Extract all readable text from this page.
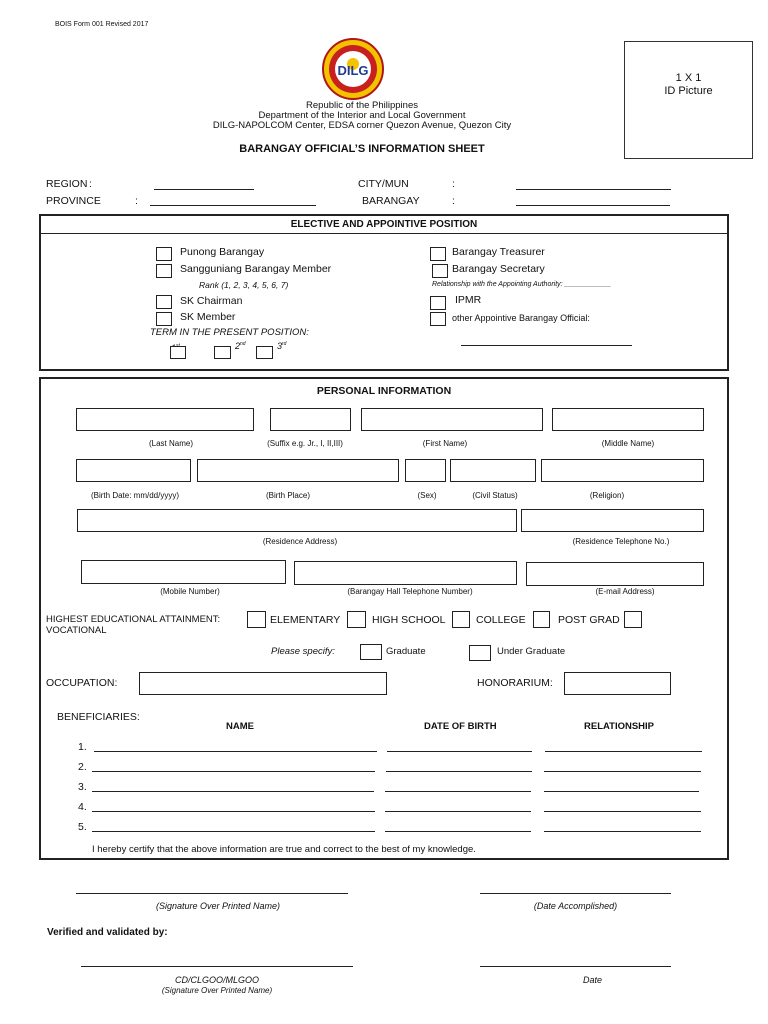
BOIS Form 001 Revised 2017
DILG	1 X 1
ID Picture
Republic of the Philippines
Department of the Interior and Local Government
DILG-NAPOLCOM Center, EDSA corner Quezon Avenue, Quezon City
BARANGAY OFFICIAL’S INFORMATION SHEET
REGION :	CITY/MUN	:
PROVINCE	:	BARANGAY	:
ELECTIVE AND APPOINTIVE POSITION
Punong Barangay
Sangguniang Barangay Member
Rank (1, 2, 3, 4, 5, 6, 7)
SK Chairman
SK Member
TERM IN THE PRESENT POSITION:
2nd	3rd
Barangay Treasurer
Barangay Secretary
Relationship with the Appointing Authority: ____________
IPMR
other Appointive Barangay Official:
PERSONAL INFORMATION
(Last Name)	(Suffix e.g. Jr., I, II,III)	(First Name)	(Middle Name)
(Birth Date: mm/dd/yyyy)	(Birth Place)	(Sex)	(Civil Status)	(Religion)
(Residence Address)	(Residence Telephone No.)
(Mobile Number)	(Barangay Hall Telephone Number)	(E-mail Address)
HIGHEST EDUCATIONAL ATTAINMENT:
VOCATIONAL
ELEMENTARY	HIGH SCHOOL	COLLEGE	POST GRAD
Please specify:	Graduate	Under Graduate
OCCUPATION:	HONORARIUM:
BENEFICIARIES:
NAME	DATE OF BIRTH	RELATIONSHIP
1.
2.
3.
4.
5.
I hereby certify that the above information are true and correct to the best of my knowledge.
(Signature Over Printed Name)	(Date Accomplished)
Verified and validated by:
CD/CLGOO/MLGOO
(Signature Over Printed Name)
Date
